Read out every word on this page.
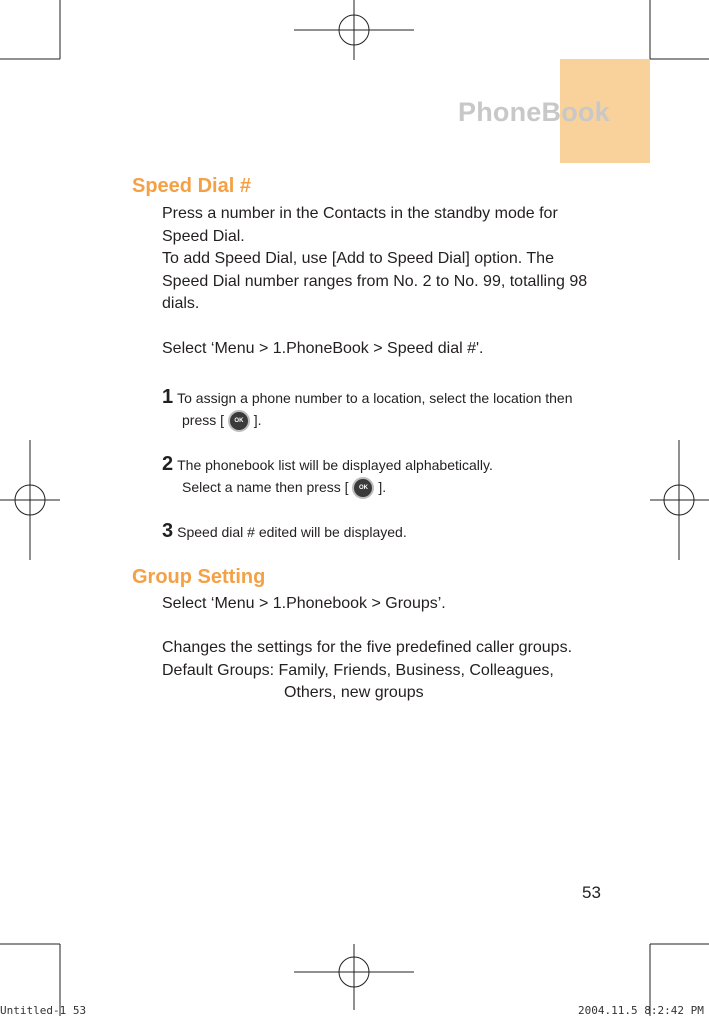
PhoneBook
Speed Dial #
Press a number in the Contacts in the standby mode for
Speed Dial.
To add Speed Dial, use [Add to Speed Dial] option. The
Speed Dial number ranges from No. 2 to No. 99, totalling 98
dials.
Select ‘Menu > 1.PhoneBook > Speed dial #'.
1 To assign a phone number to a location, select the location then
press [ OK ].
2 The phonebook list will be displayed alphabetically.
Select a name then press [ OK ].
3 Speed dial # edited will be displayed.
Group Setting
Select ‘Menu > 1.Phonebook > Groups’.
Changes the settings for the five predefined caller groups.
Default Groups: Family, Friends, Business, Colleagues,
Others, new groups
53
Untitled-1 53	2004.11.5 8:2:42 PM
